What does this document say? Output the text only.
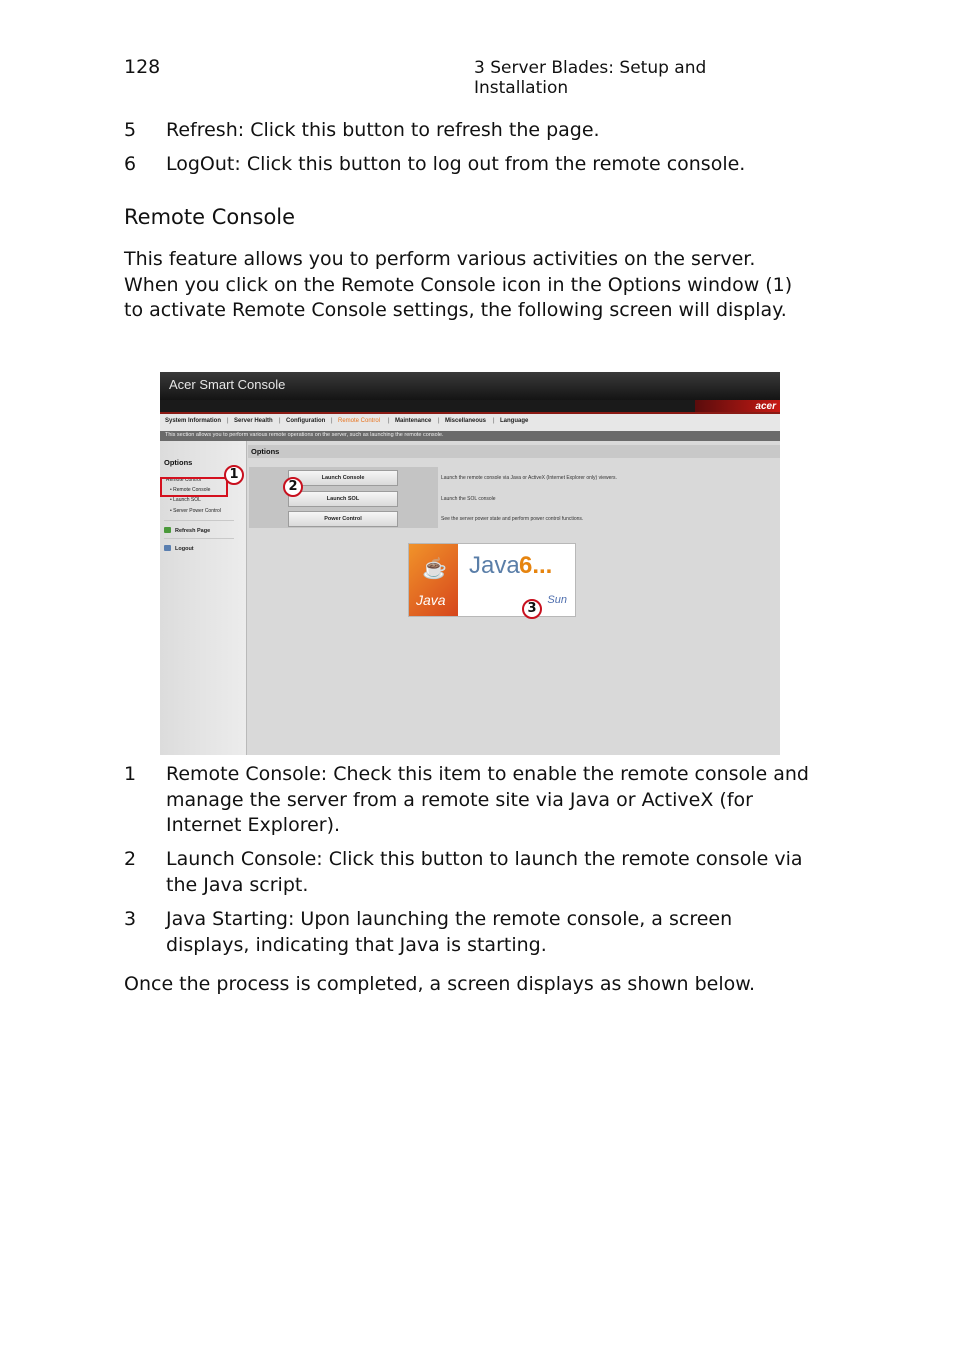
128	3 Server Blades: Setup and Installation
5	Refresh: Click this button to refresh the page.
6	LogOut: Click this button to log out from the remote console.
Remote Console
This feature allows you to perform various activities on the server. When you click on the Remote Console icon in the Options window (1) to activate Remote Console settings, the following screen will display.
Acer Smart Console
acer
System Information | Server Health | Configuration | Remote Control | Maintenance | Miscellaneous | Language
This section allows you to perform various remote operations on the server, such as launching the remote console.
Options
Remote Control
• Remote Console
• Launch SOL
• Server Power Control
Refresh Page
Logout
Options
Launch Console
Launch SOL
Power Control
Launch the remote console via Java or ActiveX (Internet Explorer only) viewers.
Launch the SOL console
See the server power state and perform power control functions.
☕
Java
Java 6...
Sun
1
2
3
1	Remote Console: Check this item to enable the remote console and manage the server from a remote site via Java or ActiveX (for Internet Explorer).
2	Launch Console: Click this button to launch the remote console via the Java script.
3	Java Starting: Upon launching the remote console, a screen displays, indicating that Java is starting.
Once the process is completed, a screen displays as shown below.
